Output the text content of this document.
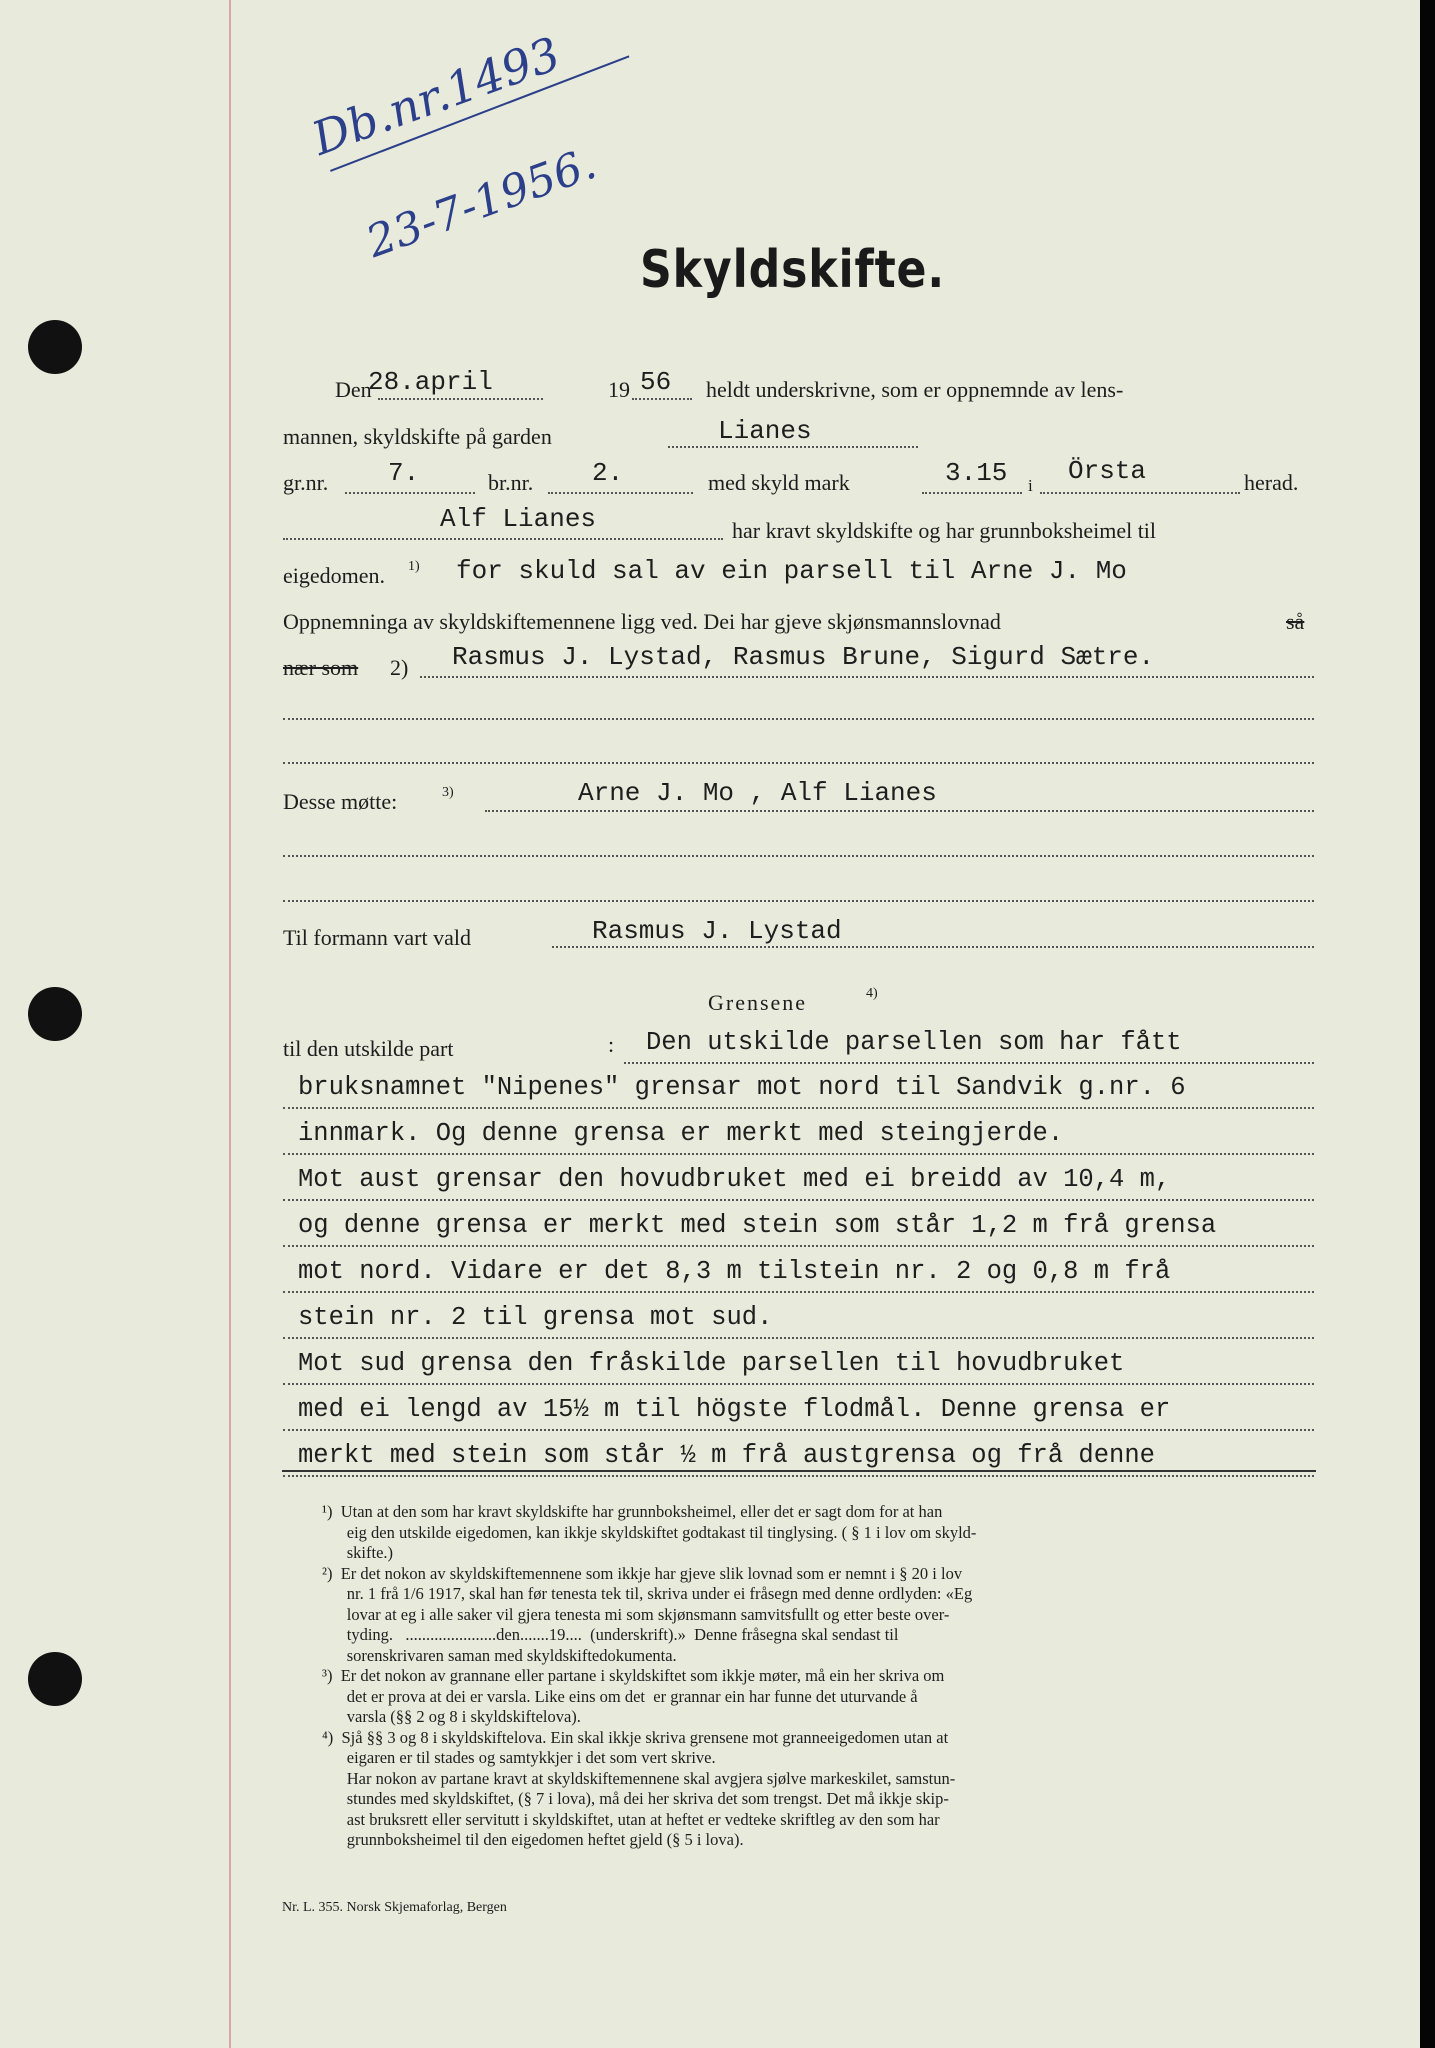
Db.nr.1493
23-7-1956.
Skyldskifte.
Den
28.april	19 56 heldt underskrivne, som er oppnemnde av lens-
mannen, skyldskifte på garden	Lianes
gr.nr. 7.	br.nr. 2.	med skyld mark	3.15 i Örsta	herad.
Alf Lianes	har kravt skyldskifte og har grunnboksheimel til
eigedomen. 1) for skuld sal av ein parsell til Arne J. Mo
Oppnemninga av skyldskiftemennene ligg ved. Dei har gjeve skjønsmannslovnad	så
nær som 2) Rasmus J. Lystad, Rasmus Brune, Sigurd Sætre.
Desse møtte:	3)	Arne J. Mo , Alf Lianes
Til formann vart vald	Rasmus J. Lystad
Grensene	4)
til den utskilde part	: Den utskilde parsellen som har fått
bruksnamnet "Nipenes" grensar mot nord til Sandvik g.nr. 6
innmark. Og denne grensa er merkt med steingjerde.
Mot aust grensar den hovudbruket med ei breidd av 10,4 m,
og denne grensa er merkt med stein som står 1,2 m frå grensa
mot nord. Vidare er det 8,3 m tilstein nr. 2 og 0,8 m frå
stein nr. 2 til grensa mot sud.
Mot sud grensa den fråskilde parsellen til hovudbruket
med ei lengd av 15½ m til högste flodmål. Denne grensa er
merkt med stein som står ½ m frå austgrensa og frå denne
¹)  Utan at den som har kravt skyldskifte har grunnboksheimel, eller det er sagt dom for at han
eig den utskilde eigedomen, kan ikkje skyldskiftet godtakast til tinglysing. ( § 1 i lov om skyld-
skifte.)
²)  Er det nokon av skyldskiftemennene som ikkje har gjeve slik lovnad som er nemnt i § 20 i lov
nr. 1 frå 1/6 1917, skal han før tenesta tek til, skriva under ei fråsegn med denne ordlyden: «Eg
lovar at eg i alle saker vil gjera tenesta mi som skjønsmann samvitsfullt og etter beste over-
tyding.   ......................den.......19....  (underskrift).»  Denne fråsegna skal sendast til
sorenskrivaren saman med skyldskiftedokumenta.
³)  Er det nokon av grannane eller partane i skyldskiftet som ikkje møter, må ein her skriva om
det er prova at dei er varsla. Like eins om det  er grannar ein har funne det uturvande å
varsla (§§ 2 og 8 i skyldskiftelova).
⁴)  Sjå §§ 3 og 8 i skyldskiftelova. Ein skal ikkje skriva grensene mot granneeigedomen utan at
eigaren er til stades og samtykkjer i det som vert skrive.
Har nokon av partane kravt at skyldskiftemennene skal avgjera sjølve markeskilet, samstun-
stundes med skyldskiftet, (§ 7 i lova), må dei her skriva det som trengst. Det må ikkje skip-
ast bruksrett eller servitutt i skyldskiftet, utan at heftet er vedteke skriftleg av den som har
grunnboksheimel til den eigedomen heftet gjeld (§ 5 i lova).
Nr. L. 355. Norsk Skjemaforlag, Bergen
